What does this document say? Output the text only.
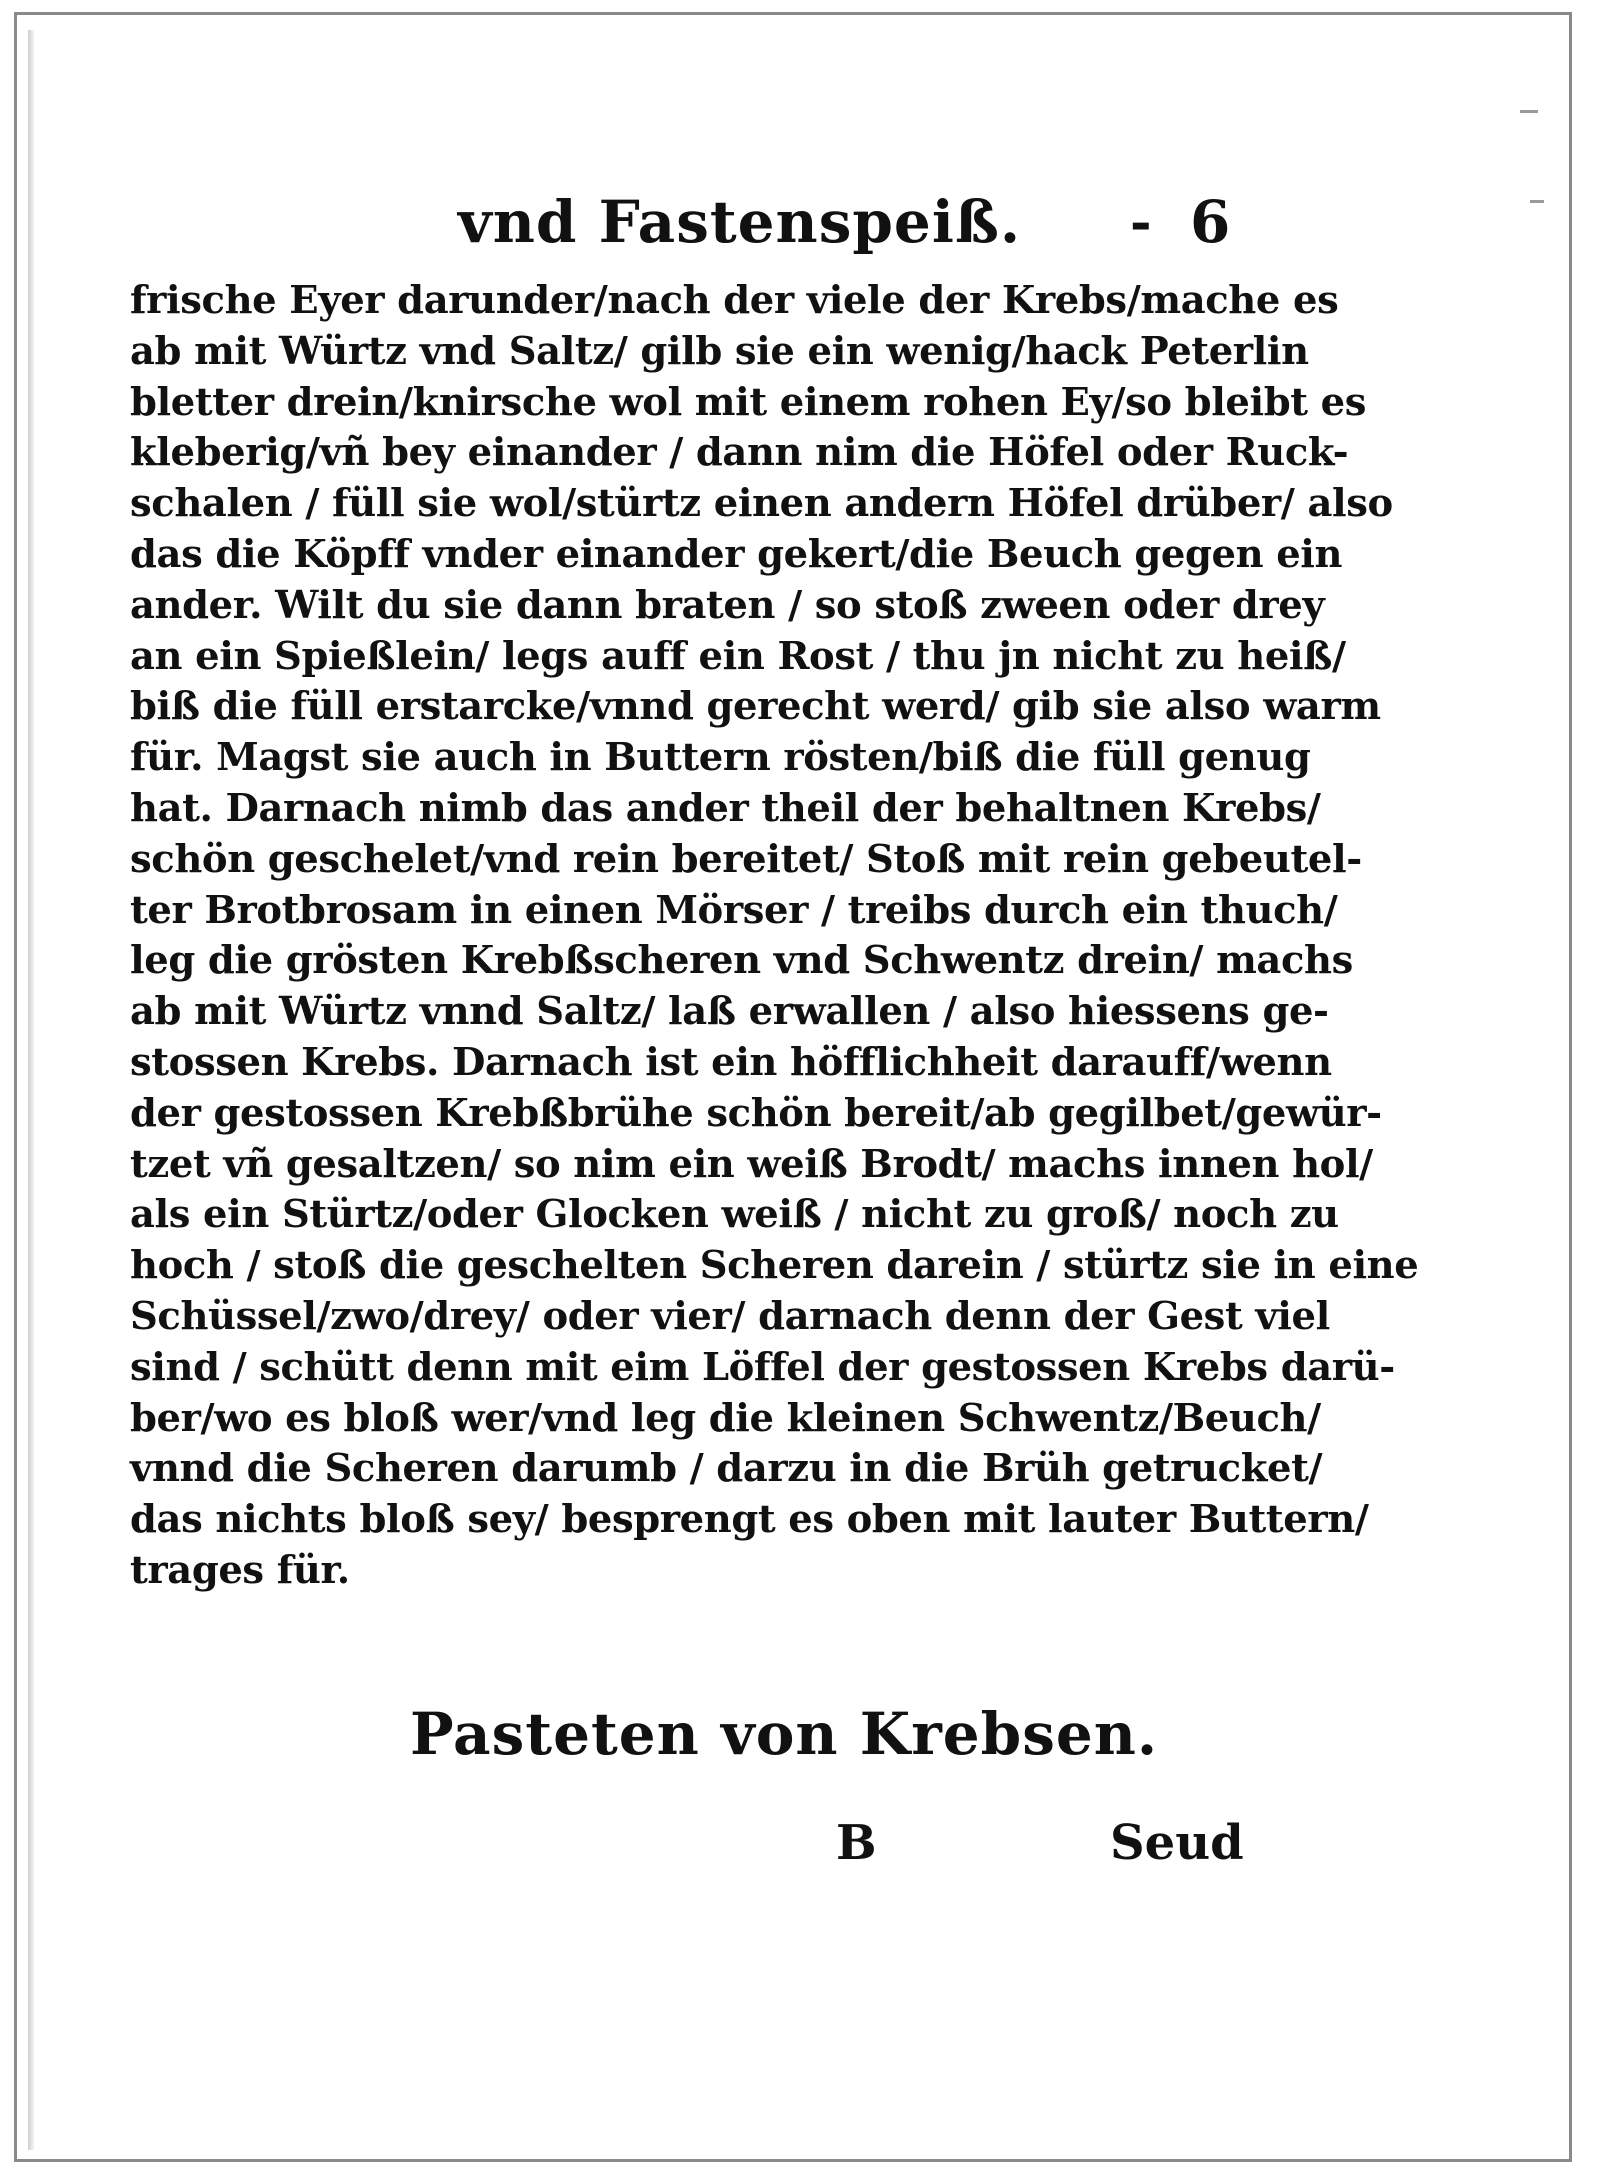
vnd Fastenspeiß. - 6
frische Eyer darunder/nach der viele der Krebs/mache es
ab mit Würtz vnd Saltz/ gilb sie ein wenig/hack Peterlin
bletter drein/knirsche wol mit einem rohen Ey/so bleibt es
kleberig/vñ bey einander / dann nim die Höfel oder Ruck-
schalen / füll sie wol/stürtz einen andern Höfel drüber/ also
das die Köpff vnder einander gekert/die Beuch gegen ein
ander. Wilt du sie dann braten / so stoß zween oder drey
an ein Spießlein/ legs auff ein Rost / thu jn nicht zu heiß/
biß die füll erstarcke/vnnd gerecht werd/ gib sie also warm
für. Magst sie auch in Buttern rösten/biß die füll genug
hat. Darnach nimb das ander theil der behaltnen Krebs/
schön geschelet/vnd rein bereitet/ Stoß mit rein gebeutel-
ter Brotbrosam in einen Mörser / treibs durch ein thuch/
leg die grösten Krebßscheren vnd Schwentz drein/ machs
ab mit Würtz vnnd Saltz/ laß erwallen / also hiessens ge-
stossen Krebs. Darnach ist ein höfflichheit darauff/wenn
der gestossen Krebßbrühe schön bereit/ab gegilbet/gewür-
tzet vñ gesaltzen/ so nim ein weiß Brodt/ machs innen hol/
als ein Stürtz/oder Glocken weiß / nicht zu groß/ noch zu
hoch / stoß die geschelten Scheren darein / stürtz sie in eine
Schüssel/zwo/drey/ oder vier/ darnach denn der Gest viel
sind / schütt denn mit eim Löffel der gestossen Krebs darü-
ber/wo es bloß wer/vnd leg die kleinen Schwentz/Beuch/
vnnd die Scheren darumb / darzu in die Brüh getrucket/
das nichts bloß sey/ besprengt es oben mit lauter Buttern/
trages für.
Pasteten von Krebsen.
B	Seud
